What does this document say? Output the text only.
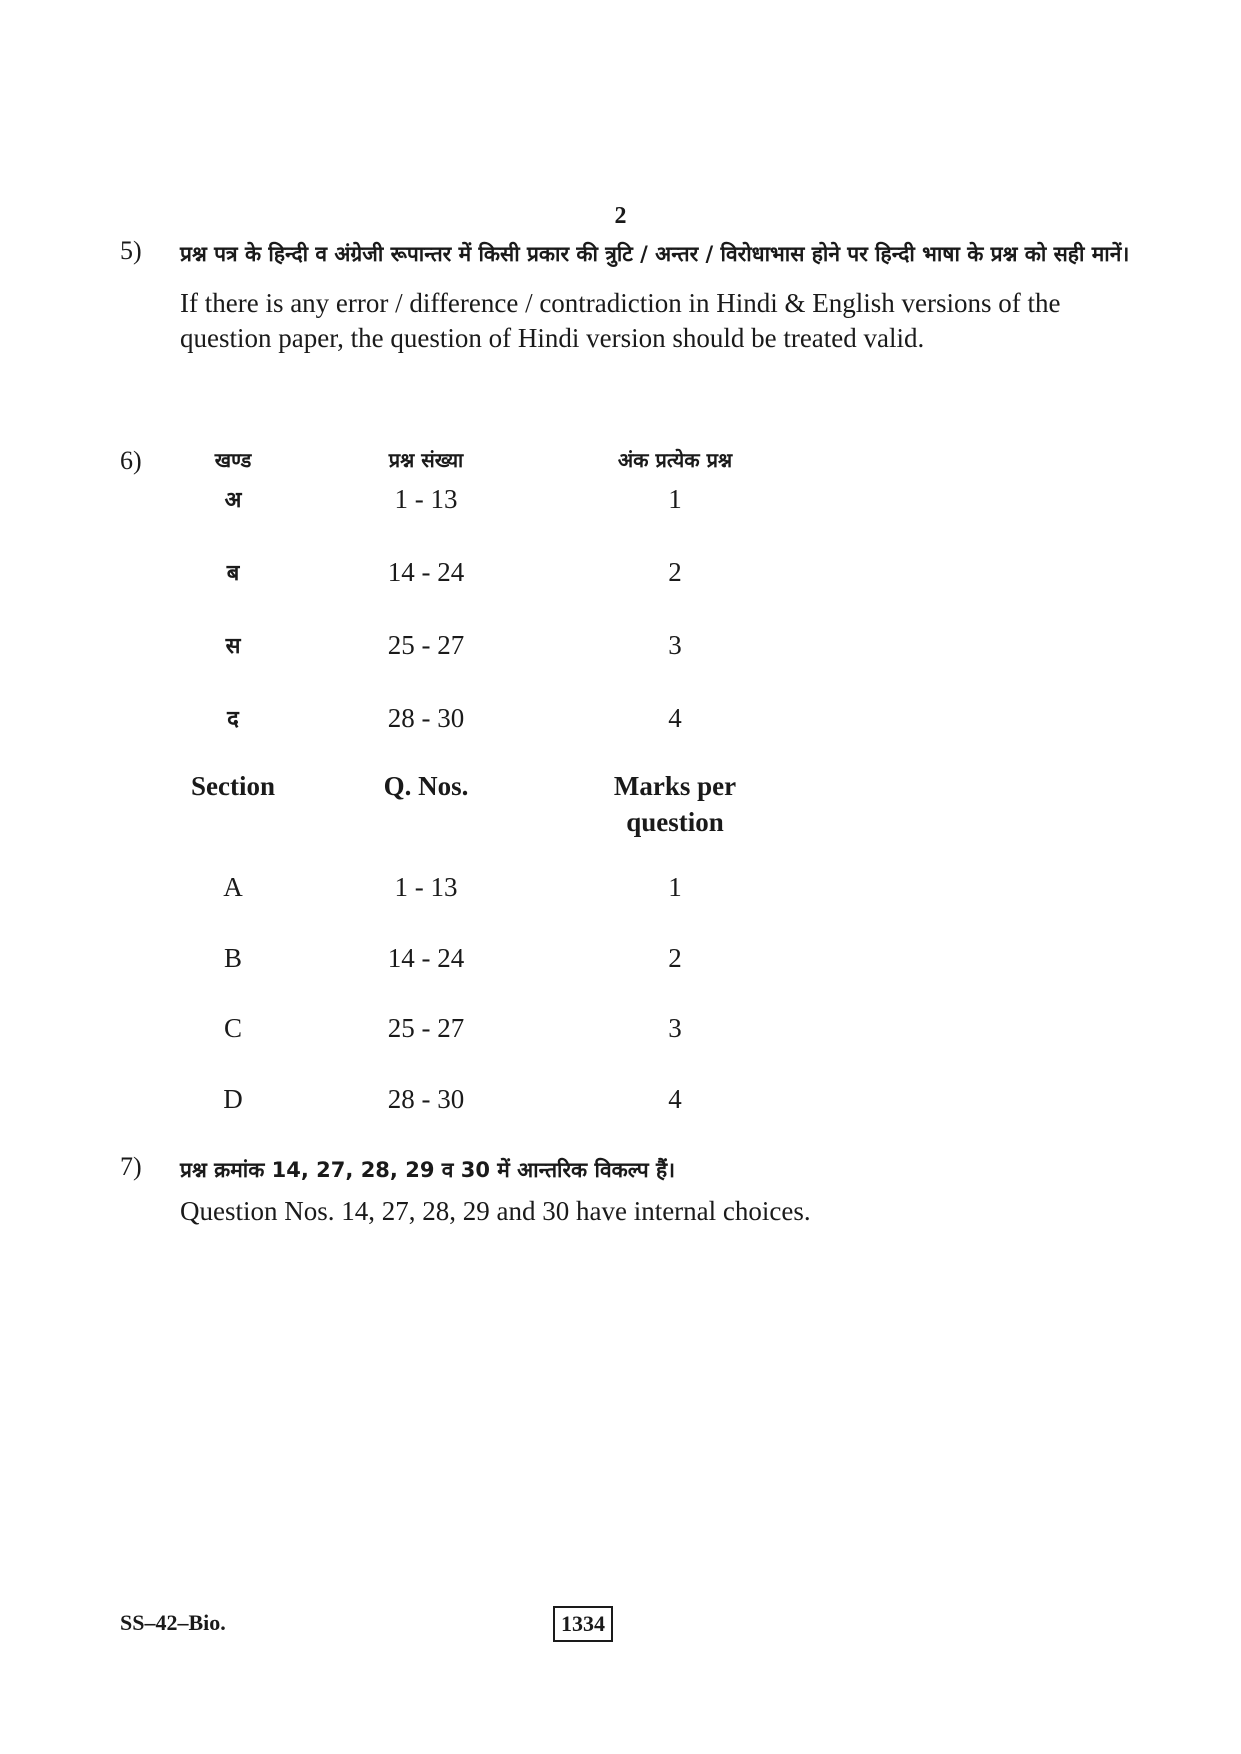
2
5) प्रश्न पत्र के हिन्दी व अंग्रेजी रूपान्तर में किसी प्रकार की त्रुटि / अन्तर / विरोधाभास होने पर हिन्दी भाषा के प्रश्न को सही मानें।
If there is any error / difference / contradiction in Hindi & English versions of the question paper, the question of Hindi version should be treated valid.
6)	खण्ड	प्रश्न संख्या	अंक प्रत्येक प्रश्न
अ	1 - 13	1
ब	14 - 24	2
स	25 - 27	3
द	28 - 30	4
Section	Q. Nos.	Marks per
question
A	1 - 13	1
B	14 - 24	2
C	25 - 27	3
D	28 - 30	4
7) प्रश्न क्रमांक 14, 27, 28, 29 व 30 में आन्तरिक विकल्प हैं।
Question Nos. 14, 27, 28, 29 and 30 have internal choices.
SS–42–Bio.	1334
